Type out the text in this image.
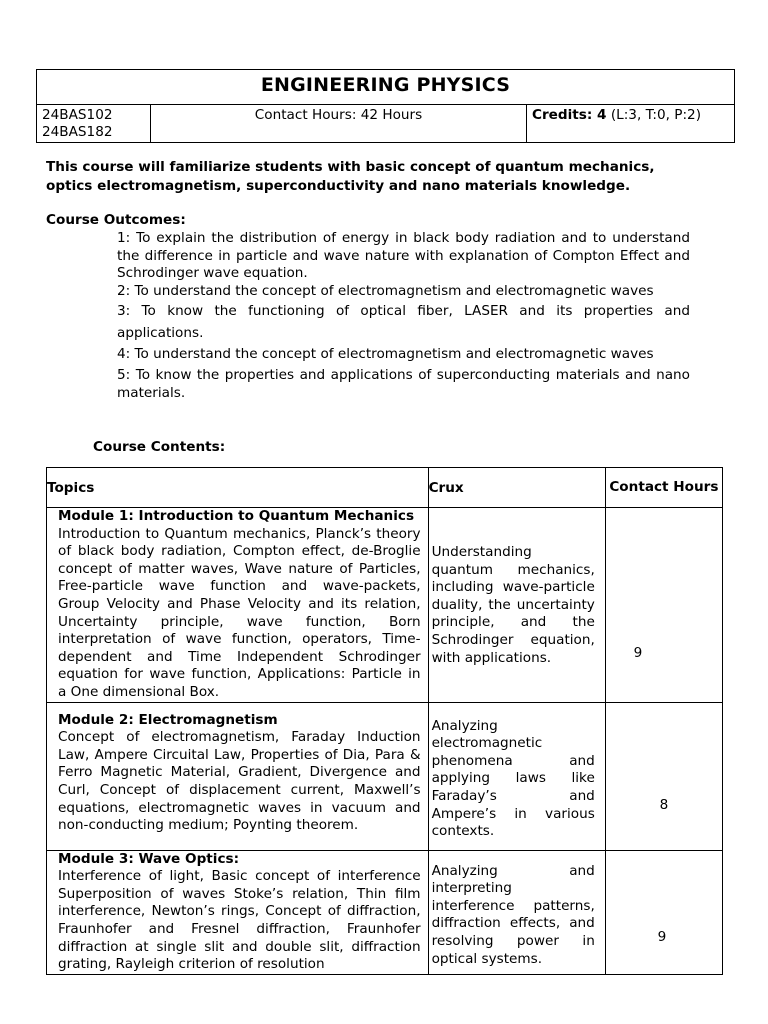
ENGINEERING PHYSICS
24BAS102
24BAS182
Contact Hours: 42 Hours	Credits: 4 (L:3, T:0, P:2)
This course will familiarize students with basic concept of quantum mechanics, optics electromagnetism, superconductivity and nano materials knowledge.
Course Outcomes:

1: To explain the distribution of energy in black body radiation and to understand the difference in particle and wave nature with explanation of Compton Effect and Schrodinger wave equation.

2: To understand the concept of electromagnetism and electromagnetic waves

3: To know the functioning of optical fiber, LASER and its properties and applications.

4: To understand the concept of electromagnetism and electromagnetic waves

5: To know the properties and applications of superconducting materials and nano materials.

Course Contents:
Topics	Crux	Contact Hours

Module 1: Introduction to Quantum Mechanics
Introduction to Quantum mechanics, Planck’s theory of black body radiation, Compton effect, de-Broglie concept of matter waves, Wave nature of Particles, Free-particle wave function and wave-packets, Group Velocity and Phase Velocity and its relation, Uncertainty principle, wave function, Born interpretation of wave function, operators, Time-dependent and Time Independent Schrodinger equation for wave function, Applications: Particle in a One dimensional Box.	Understanding quantum mechanics, including wave-particle duality, the uncertainty principle, and the Schrodinger equation, with applications.	9

Module 2: Electromagnetism
Concept of electromagnetism, Faraday Induction Law, Ampere Circuital Law, Properties of Dia, Para & Ferro Magnetic Material, Gradient, Divergence and Curl, Concept of displacement current, Maxwell’s equations, electromagnetic waves in vacuum and non-conducting medium; Poynting theorem.	Analyzing electromagnetic phenomena and applying laws like Faraday’s and Ampere’s in various contexts.	8

Module 3: Wave Optics:
Interference of light, Basic concept of interference Superposition of waves Stoke’s relation, Thin film interference, Newton’s rings, Concept of diffraction, Fraunhofer and Fresnel diffraction, Fraunhofer diffraction at single slit and double slit, diffraction grating, Rayleigh criterion of resolution	Analyzing and interpreting interference patterns, diffraction effects, and resolving power in optical systems.	9
